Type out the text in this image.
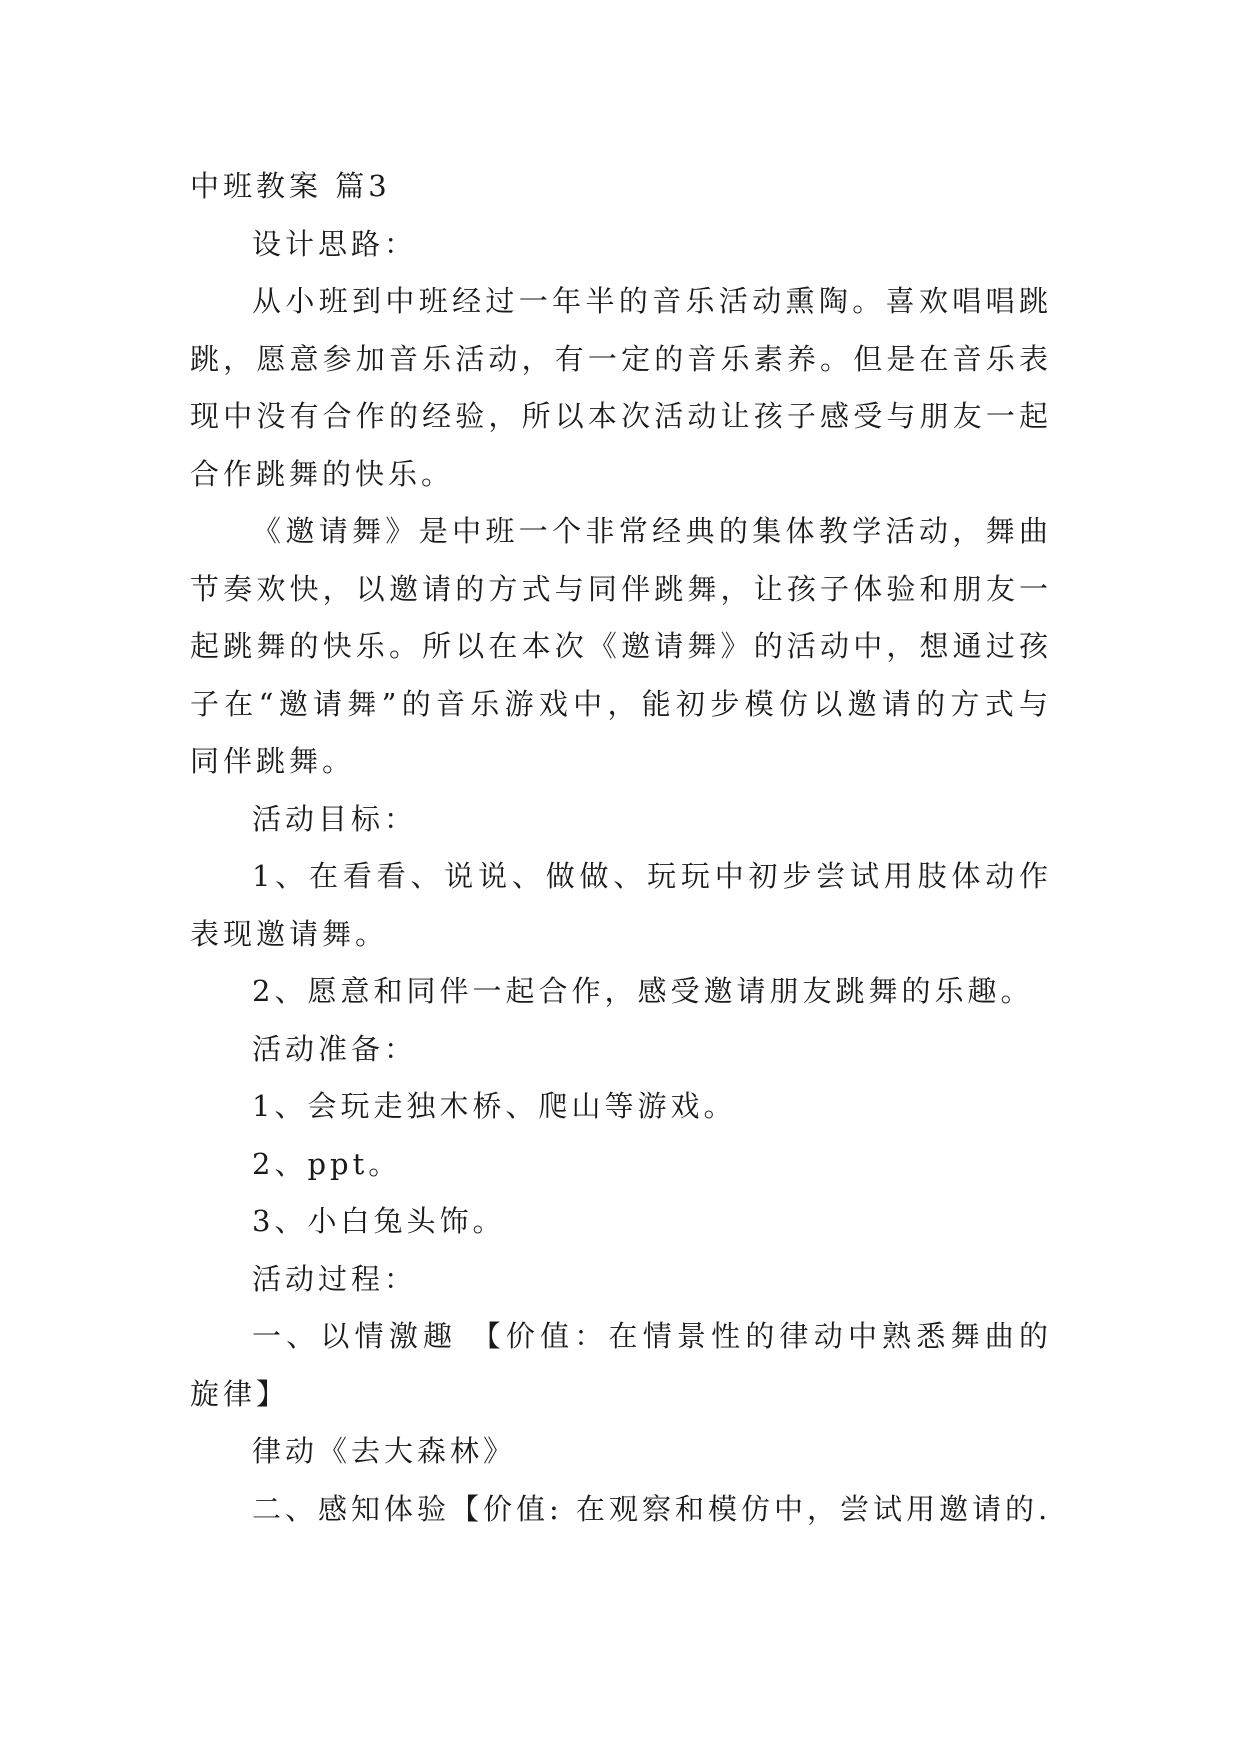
中班教案 篇3

设计思路：

从小班到中班经过一年半的音乐活动熏陶。喜欢唱唱跳跳，愿意参加音乐活动，有一定的音乐素养。但是在音乐表现中没有合作的经验，所以本次活动让孩子感受与朋友一起合作跳舞的快乐。

《邀请舞》是中班一个非常经典的集体教学活动，舞曲节奏欢快，以邀请的方式与同伴跳舞，让孩子体验和朋友一起跳舞的快乐。所以在本次《邀请舞》的活动中，想通过孩子在“邀请舞”的音乐游戏中，能初步模仿以邀请的方式与同伴跳舞。

活动目标：

1、在看看、说说、做做、玩玩中初步尝试用肢体动作表现邀请舞。

2、愿意和同伴一起合作，感受邀请朋友跳舞的乐趣。

活动准备：

1、会玩走独木桥、爬山等游戏。

2、ppt。

3、小白兔头饰。

活动过程：

一、以情激趣 【价值：在情景性的律动中熟悉舞曲的旋律】

律动《去大森林》

二、感知体验【价值: 在观察和模仿中，尝试用邀请的.
